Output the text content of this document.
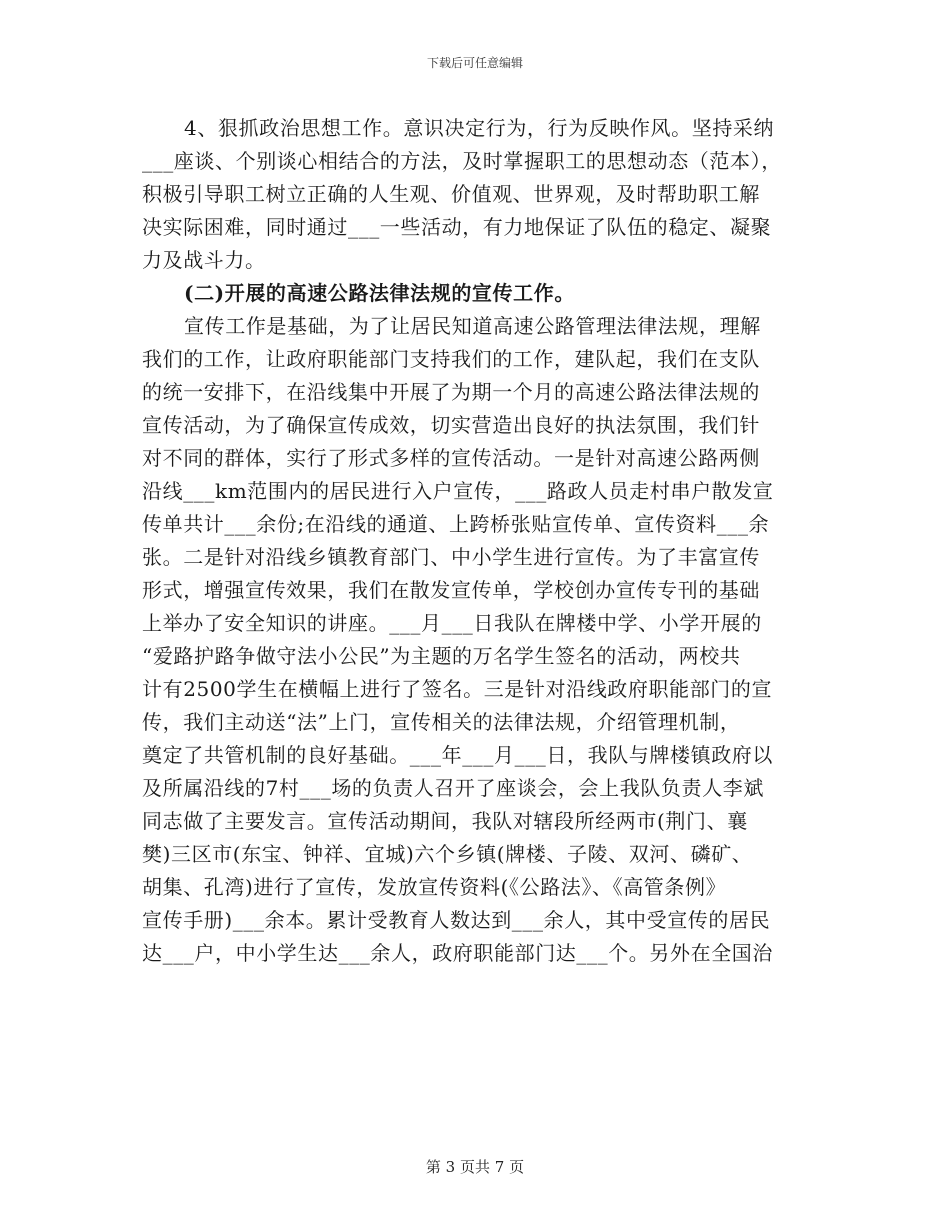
下载后可任意编辑
4、狠抓政治思想工作。意识决定行为，行为反映作风。坚持采纳
___座谈、个别谈心相结合的方法，及时掌握职工的思想动态（范本），
积极引导职工树立正确的人生观、价值观、世界观，及时帮助职工解
决实际困难，同时通过___一些活动，有力地保证了队伍的稳定、凝聚
力及战斗力。
(二)开展的高速公路法律法规的宣传工作。
宣传工作是基础，为了让居民知道高速公路管理法律法规，理解
我们的工作，让政府职能部门支持我们的工作，建队起，我们在支队
的统一安排下，在沿线集中开展了为期一个月的高速公路法律法规的
宣传活动，为了确保宣传成效，切实营造出良好的执法氛围，我们针
对不同的群体，实行了形式多样的宣传活动。一是针对高速公路两侧
沿线___km范围内的居民进行入户宣传，___路政人员走村串户散发宣
传单共计___余份;在沿线的通道、上跨桥张贴宣传单、宣传资料___余
张。二是针对沿线乡镇教育部门、中小学生进行宣传。为了丰富宣传
形式，增强宣传效果，我们在散发宣传单，学校创办宣传专刊的基础
上举办了安全知识的讲座。___月___日我队在牌楼中学、小学开展的
“爱路护路争做守法小公民”为主题的万名学生签名的活动，两校共
计有2500学生在横幅上进行了签名。三是针对沿线政府职能部门的宣
传，我们主动送“法”上门，宣传相关的法律法规，介绍管理机制，
奠定了共管机制的良好基础。___年___月___日，我队与牌楼镇政府以
及所属沿线的7村___场的负责人召开了座谈会，会上我队负责人李斌
同志做了主要发言。宣传活动期间，我队对辖段所经两市(荆门、襄
樊)三区市(东宝、钟祥、宜城)六个乡镇(牌楼、子陵、双河、磷矿、
胡集、孔湾)进行了宣传，发放宣传资料(《公路法》、《高管条例》
宣传手册)___余本。累计受教育人数达到___余人，其中受宣传的居民
达___户，中小学生达___余人，政府职能部门达___个。另外在全国治
第 3 页共 7 页
